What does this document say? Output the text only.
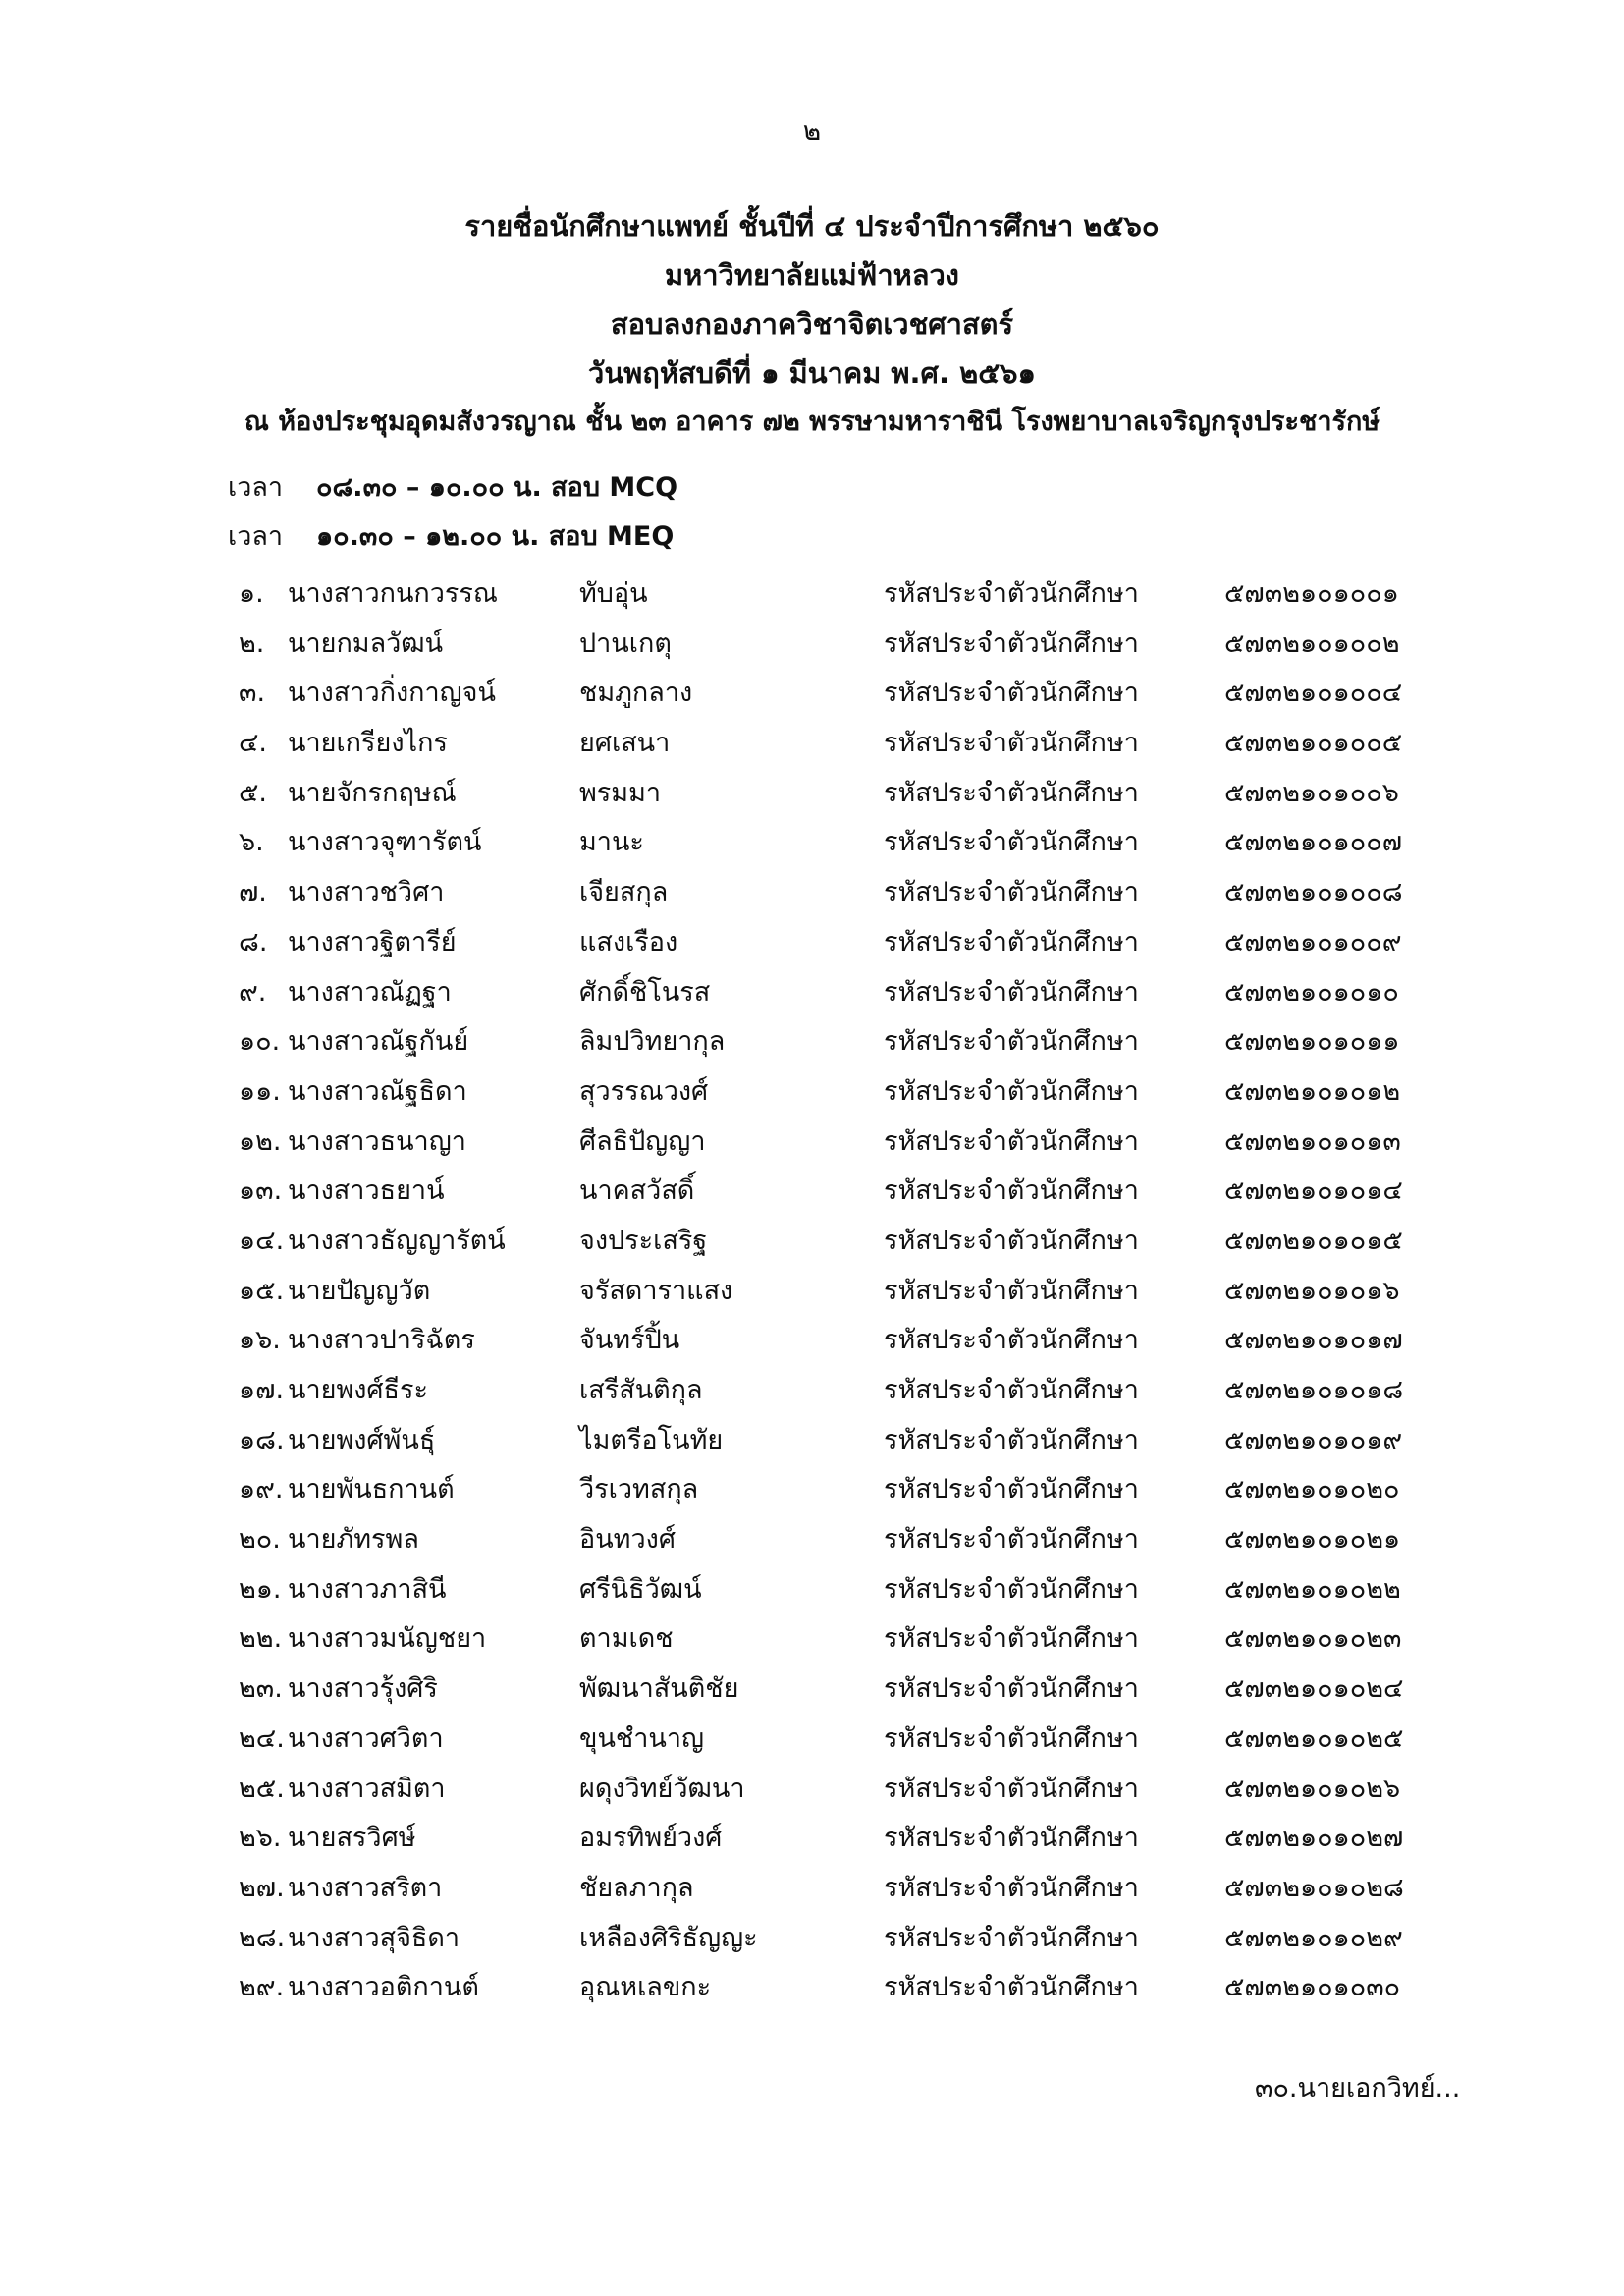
๒
รายชื่อนักศึกษาแพทย์ ชั้นปีที่ ๔ ประจำปีการศึกษา ๒๕๖๐
มหาวิทยาลัยแม่ฟ้าหลวง
สอบลงกองภาควิชาจิตเวชศาสตร์
วันพฤหัสบดีที่ ๑ มีนาคม พ.ศ. ๒๕๖๑
ณ ห้องประชุมอุดมสังวรญาณ ชั้น ๒๓ อาคาร ๗๒ พรรษามหาราชินี โรงพยาบาลเจริญกรุงประชารักษ์
เวลา ๐๘.๓๐ – ๑๐.๐๐ น. สอบ MCQ
เวลา ๑๐.๓๐ – ๑๒.๐๐ น. สอบ MEQ
๑. นางสาวกนกวรรณ	ทับอุ่น	รหัสประจำตัวนักศึกษา	๕๗๓๒๑๐๑๐๐๑
๒. นายกมลวัฒน์	ปานเกตุ	รหัสประจำตัวนักศึกษา	๕๗๓๒๑๐๑๐๐๒
๓. นางสาวกิ่งกาญจน์	ชมภูกลาง	รหัสประจำตัวนักศึกษา	๕๗๓๒๑๐๑๐๐๔
๔. นายเกรียงไกร	ยศเสนา	รหัสประจำตัวนักศึกษา	๕๗๓๒๑๐๑๐๐๕
๕. นายจักรกฤษณ์	พรมมา	รหัสประจำตัวนักศึกษา	๕๗๓๒๑๐๑๐๐๖
๖. นางสาวจุฑารัตน์	มานะ	รหัสประจำตัวนักศึกษา	๕๗๓๒๑๐๑๐๐๗
๗. นางสาวชวิศา	เจียสกุล	รหัสประจำตัวนักศึกษา	๕๗๓๒๑๐๑๐๐๘
๘. นางสาวฐิตารีย์	แสงเรือง	รหัสประจำตัวนักศึกษา	๕๗๓๒๑๐๑๐๐๙
๙. นางสาวณัฏฐา	ศักดิ์ชิโนรส	รหัสประจำตัวนักศึกษา	๕๗๓๒๑๐๑๐๑๐
๑๐. นางสาวณัฐกันย์	ลิมปวิทยากุล	รหัสประจำตัวนักศึกษา	๕๗๓๒๑๐๑๐๑๑
๑๑. นางสาวณัฐธิดา	สุวรรณวงศ์	รหัสประจำตัวนักศึกษา	๕๗๓๒๑๐๑๐๑๒
๑๒. นางสาวธนาญา	ศีลธิปัญญา	รหัสประจำตัวนักศึกษา	๕๗๓๒๑๐๑๐๑๓
๑๓. นางสาวธยาน์	นาคสวัสดิ์	รหัสประจำตัวนักศึกษา	๕๗๓๒๑๐๑๐๑๔
๑๔. นางสาวธัญญารัตน์	จงประเสริฐ	รหัสประจำตัวนักศึกษา	๕๗๓๒๑๐๑๐๑๕
๑๕. นายปัญญวัต	จรัสดาราแสง	รหัสประจำตัวนักศึกษา	๕๗๓๒๑๐๑๐๑๖
๑๖. นางสาวปาริฉัตร	จันทร์ปิ้น	รหัสประจำตัวนักศึกษา	๕๗๓๒๑๐๑๐๑๗
๑๗. นายพงศ์ธีระ	เสรีสันติกุล	รหัสประจำตัวนักศึกษา	๕๗๓๒๑๐๑๐๑๘
๑๘. นายพงศ์พันธุ์	ไมตรีอโนทัย	รหัสประจำตัวนักศึกษา	๕๗๓๒๑๐๑๐๑๙
๑๙. นายพันธกานต์	วีรเวทสกุล	รหัสประจำตัวนักศึกษา	๕๗๓๒๑๐๑๐๒๐
๒๐. นายภัทรพล	อินทวงศ์	รหัสประจำตัวนักศึกษา	๕๗๓๒๑๐๑๐๒๑
๒๑. นางสาวภาสินี	ศรีนิธิวัฒน์	รหัสประจำตัวนักศึกษา	๕๗๓๒๑๐๑๐๒๒
๒๒. นางสาวมนัญชยา	ตามเดช	รหัสประจำตัวนักศึกษา	๕๗๓๒๑๐๑๐๒๓
๒๓. นางสาวรุ้งศิริ	พัฒนาสันติชัย	รหัสประจำตัวนักศึกษา	๕๗๓๒๑๐๑๐๒๔
๒๔. นางสาวศวิตา	ขุนชำนาญ	รหัสประจำตัวนักศึกษา	๕๗๓๒๑๐๑๐๒๕
๒๕. นางสาวสมิตา	ผดุงวิทย์วัฒนา	รหัสประจำตัวนักศึกษา	๕๗๓๒๑๐๑๐๒๖
๒๖. นายสรวิศษ์	อมรทิพย์วงศ์	รหัสประจำตัวนักศึกษา	๕๗๓๒๑๐๑๐๒๗
๒๗. นางสาวสริตา	ชัยลภากุล	รหัสประจำตัวนักศึกษา	๕๗๓๒๑๐๑๐๒๘
๒๘. นางสาวสุจิธิดา	เหลืองศิริธัญญะ	รหัสประจำตัวนักศึกษา	๕๗๓๒๑๐๑๐๒๙
๒๙. นางสาวอติกานต์	อุณหเลขกะ	รหัสประจำตัวนักศึกษา	๕๗๓๒๑๐๑๐๓๐
๓๐.นายเอกวิทย์...
